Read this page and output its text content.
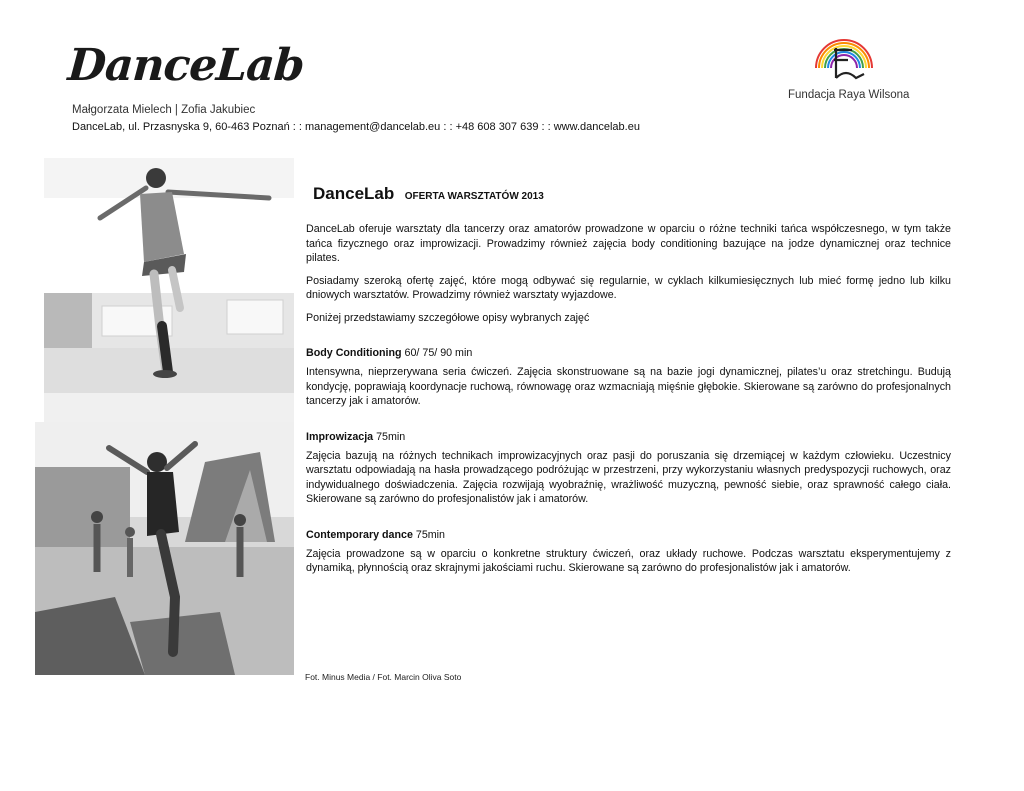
DanceLab
Małgorzata Mielech | Zofia Jakubiec
DanceLab, ul. Przasnyska 9, 60-463 Poznań : : management@dancelab.eu : : +48 608 307 639 : : www.dancelab.eu
Fundacja Raya Wilsona
DanceLab OFERTA WARSZTATÓW 2013

DanceLab oferuje warsztaty dla tancerzy oraz amatorów prowadzone w oparciu o różne techniki tańca współczesnego, w tym także tańca fizycznego oraz improwizacji. Prowadzimy również zajęcia body conditioning bazujące na jodze dynamicznej oraz technice pilates.

Posiadamy szeroką ofertę zajęć, które mogą odbywać się regularnie, w cyklach kilkumiesięcznych lub mieć formę jedno lub kilku dniowych warsztatów. Prowadzimy również warsztaty wyjazdowe.

Poniżej przedstawiamy szczegółowe opisy wybranych zajęć

Body Conditioning 60/ 75/ 90 min

Intensywna, nieprzerywana seria ćwiczeń. Zajęcia skonstruowane są na bazie jogi dynamicznej, pilates’u oraz stretchingu. Budują kondycję, poprawiają koordynacje ruchową, równowagę oraz wzmacniają mięśnie głębokie. Skierowane są zarówno do profesjonalnych tancerzy jak i amatorów.

Improwizacja 75min

Zajęcia bazują na różnych technikach improwizacyjnych oraz pasji do poruszania się drzemiącej w każdym człowieku. Uczestnicy warsztatu odpowiadają na hasła prowadzącego podróżując w przestrzeni, przy wykorzystaniu własnych predyspozycji ruchowych, oraz indywidualnego doświadczenia. Zajęcia rozwijają wyobraźnię, wrażliwość muzyczną, pewność siebie, oraz sprawność całego ciała. Skierowane są zarówno do profesjonalistów jak i amatorów.

Contemporary dance 75min

Zajęcia prowadzone są w oparciu o konkretne struktury ćwiczeń, oraz układy ruchowe. Podczas warsztatu eksperymentujemy z dynamiką, płynnością oraz skrajnymi jakościami ruchu. Skierowane są zarówno do profesjonalistów jak i amatorów.

Fot. Minus Media / Fot. Marcin Oliva Soto
